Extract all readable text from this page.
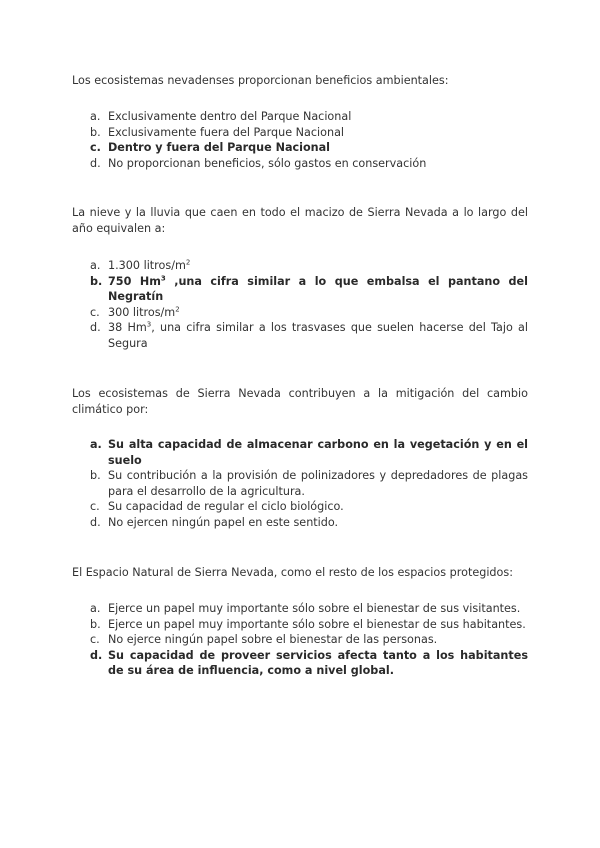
Los ecosistemas nevadenses proporcionan beneficios ambientales:

a. Exclusivamente dentro del Parque Nacional
b. Exclusivamente fuera del Parque Nacional
c. Dentro y fuera del Parque Nacional
d. No proporcionan beneficios, sólo gastos en conservación

La nieve y la lluvia que caen en todo el macizo de Sierra Nevada a lo largo del año equivalen a:

a. 1.300 litros/$m^2$
b. 750 Hm$^3$ ,una cifra similar a lo que embalsa el pantano del Negratín
c. 300 litros/$m^2$
d. 38 Hm$^3$, una cifra similar a los trasvases que suelen hacerse del Tajo al Segura

Los ecosistemas de Sierra Nevada contribuyen a la mitigación del cambio climático por:

a. Su alta capacidad de almacenar carbono en la vegetación y en el suelo
b. Su contribución a la provisión de polinizadores y depredadores de plagas para el desarrollo de la agricultura.
c. Su capacidad de regular el ciclo biológico.
d. No ejercen ningún papel en este sentido.

El Espacio Natural de Sierra Nevada, como el resto de los espacios protegidos:

a. Ejerce un papel muy importante sólo sobre el bienestar de sus visitantes.
b. Ejerce un papel muy importante sólo sobre el bienestar de sus habitantes.
c. No ejerce ningún papel sobre el bienestar de las personas.
d. Su capacidad de proveer servicios afecta tanto a los habitantes de su área de influencia, como a nivel global.
